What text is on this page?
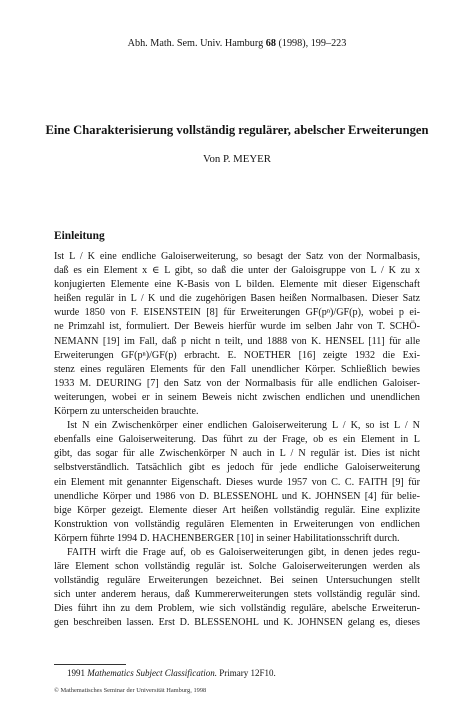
Abh. Math. Sem. Univ. Hamburg 68 (1998), 199–223
Eine Charakterisierung vollständig regulärer, abelscher Erweiterungen
Von P. MEYER
Einleitung
Ist L / K eine endliche Galoiserweiterung, so besagt der Satz von der Normalbasis,
daß es ein Element x ∈ L gibt, so daß die unter der Galoisgruppe von L / K zu x
konjugierten Elemente eine K-Basis von L bilden. Elemente mit dieser Eigenschaft
heißen regulär in L / K und die zugehörigen Basen heißen Normalbasen. Dieser Satz
wurde 1850 von F. EISENSTEIN [8] für Erweiterungen GF(pⁿ)/GF(p), wobei p ei-
ne Primzahl ist, formuliert. Der Beweis hierfür wurde im selben Jahr von T. SCHÖ-
NEMANN [19] im Fall, daß p nicht n teilt, und 1888 von K. HENSEL [11] für alle
Erweiterungen GF(pⁿ)/GF(p) erbracht. E. NOETHER [16] zeigte 1932 die Exi-
stenz eines regulären Elements für den Fall unendlicher Körper. Schließlich bewies
1933 M. DEURING [7] den Satz von der Normalbasis für alle endlichen Galoiser-
weiterungen, wobei er in seinem Beweis nicht zwischen endlichen und unendlichen
Körpern zu unterscheiden brauchte.
Ist N ein Zwischenkörper einer endlichen Galoiserweiterung L / K, so ist L / N
ebenfalls eine Galoiserweiterung. Das führt zu der Frage, ob es ein Element in L
gibt, das sogar für alle Zwischenkörper N auch in L / N regulär ist. Dies ist nicht
selbstverständlich. Tatsächlich gibt es jedoch für jede endliche Galoiserweiterung
ein Element mit genannter Eigenschaft. Dieses wurde 1957 von C. C. FAITH [9] für
unendliche Körper und 1986 von D. BLESSENOHL und K. JOHNSEN [4] für belie-
bige Körper gezeigt. Elemente dieser Art heißen vollständig regulär. Eine explizite
Konstruktion von vollständig regulären Elementen in Erweiterungen von endlichen
Körpern führte 1994 D. HACHENBERGER [10] in seiner Habilitationsschrift durch.
FAITH wirft die Frage auf, ob es Galoiserweiterungen gibt, in denen jedes regu-
läre Element schon vollständig regulär ist. Solche Galoiserweiterungen werden als
vollständig reguläre Erweiterungen bezeichnet. Bei seinen Untersuchungen stellt
sich unter anderem heraus, daß Kummererweiterungen stets vollständig regulär sind.
Dies führt ihn zu dem Problem, wie sich vollständig reguläre, abelsche Erweiterun-
gen beschreiben lassen. Erst D. BLESSENOHL und K. JOHNSEN gelang es, dieses
1991 Mathematics Subject Classification. Primary 12F10.
© Mathematisches Seminar der Universität Hamburg, 1998
